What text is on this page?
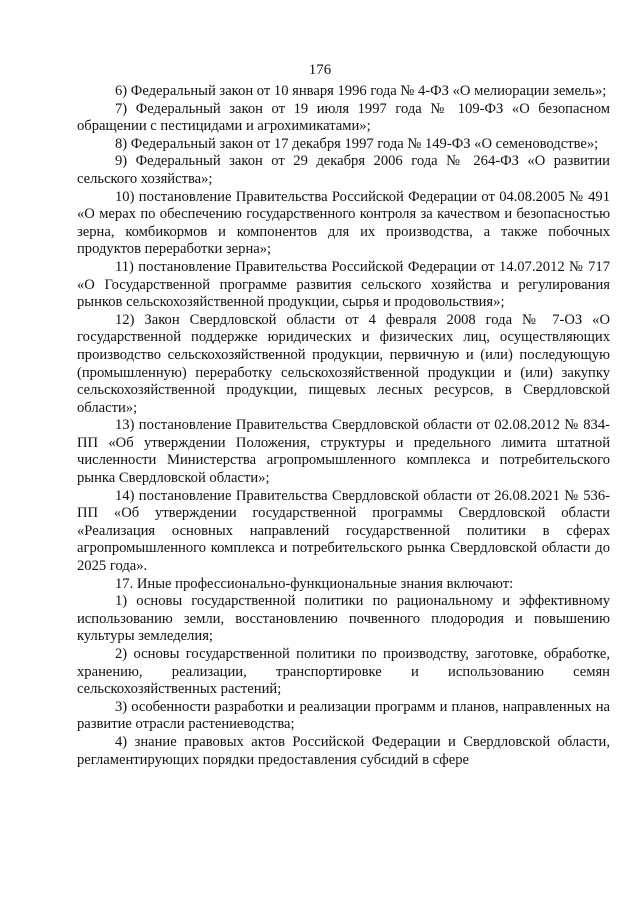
176

6) Федеральный закон от 10 января 1996 года № 4-ФЗ «О мелиорации земель»;

7) Федеральный закон от 19 июля 1997 года № 109-ФЗ «О безопасном обращении с пестицидами и агрохимикатами»;

8) Федеральный закон от 17 декабря 1997 года № 149-ФЗ «О семеноводстве»;

9) Федеральный закон от 29 декабря 2006 года № 264-ФЗ «О развитии сельского хозяйства»;

10) постановление Правительства Российской Федерации от 04.08.2005 № 491 «О мерах по обеспечению государственного контроля за качеством и безопасностью зерна, комбикормов и компонентов для их производства, а также побочных продуктов переработки зерна»;

11) постановление Правительства Российской Федерации от 14.07.2012 № 717 «О Государственной программе развития сельского хозяйства и регулирования рынков сельскохозяйственной продукции, сырья и продовольствия»;

12) Закон Свердловской области от 4 февраля 2008 года № 7-ОЗ «О государственной поддержке юридических и физических лиц, осуществляющих производство сельскохозяйственной продукции, первичную и (или) последующую (промышленную) переработку сельскохозяйственной продукции и (или) закупку сельскохозяйственной продукции, пищевых лесных ресурсов, в Свердловской области»;

13) постановление Правительства Свердловской области от 02.08.2012 № 834-ПП «Об утверждении Положения, структуры и предельного лимита штатной численности Министерства агропромышленного комплекса и потребительского рынка Свердловской области»;

14) постановление Правительства Свердловской области от 26.08.2021 № 536-ПП «Об утверждении государственной программы Свердловской области «Реализация основных направлений государственной политики в сферах агропромышленного комплекса и потребительского рынка Свердловской области до 2025 года».

17. Иные профессионально-функциональные знания включают:

1) основы государственной политики по рациональному и эффективному использованию земли, восстановлению почвенного плодородия и повышению культуры земледелия;

2) основы государственной политики по производству, заготовке, обработке, хранению, реализации, транспортировке и использованию семян сельскохозяйственных растений;

3) особенности разработки и реализации программ и планов, направленных на развитие отрасли растениеводства;

4) знание правовых актов Российской Федерации и Свердловской области, регламентирующих порядки предоставления субсидий в сфере
